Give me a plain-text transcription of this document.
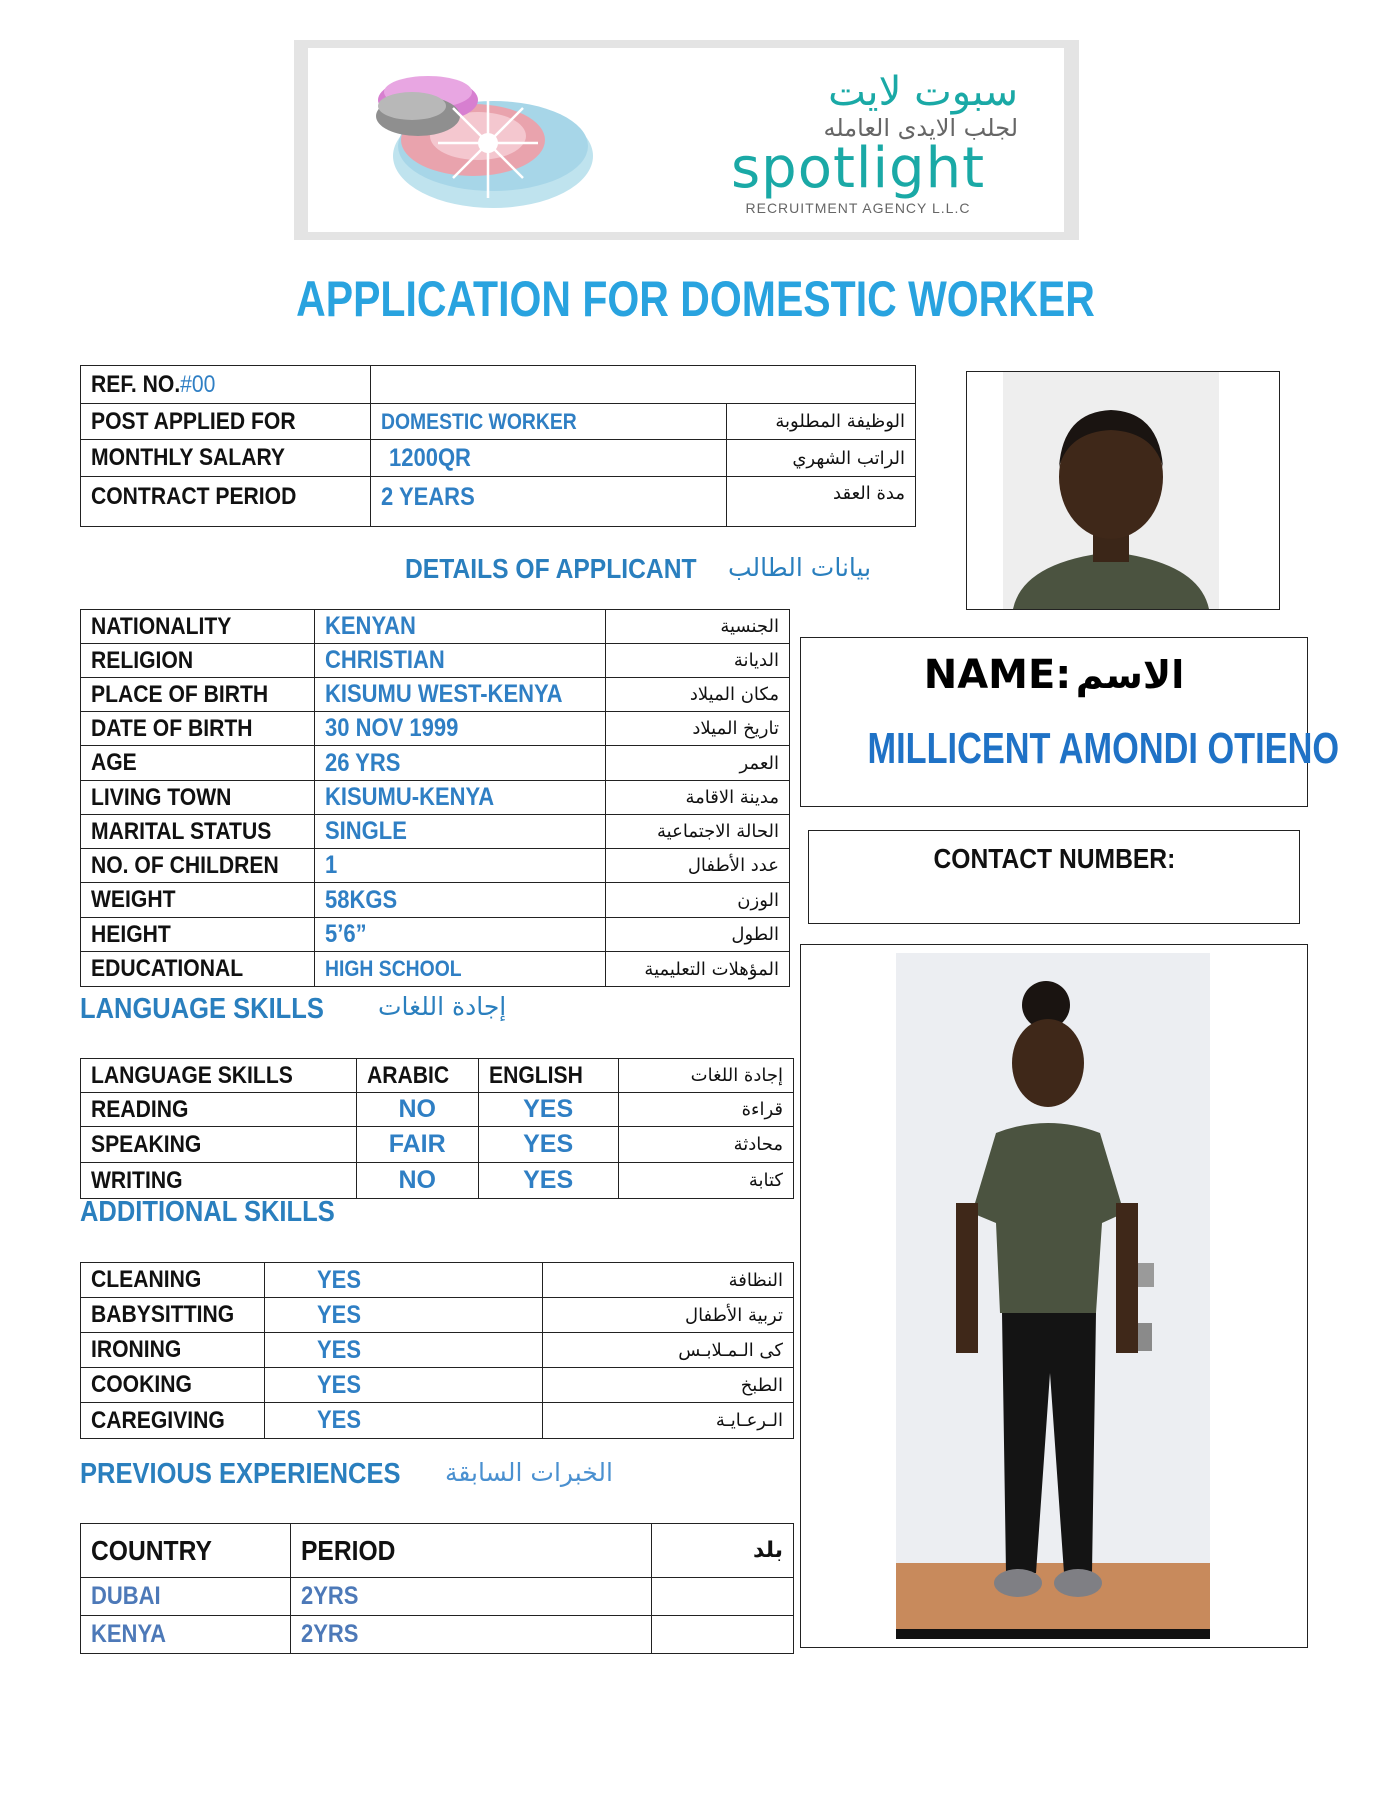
سبوت لايت
لجلب الايدى العامله
spotlight
RECRUITMENT AGENCY L.L.C
APPLICATION FOR DOMESTIC WORKER
REF. NO.#00		
POST APPLIED FOR	DOMESTIC WORKER	الوظيفة المطلوبة
MONTHLY SALARY	1200QR	الراتب الشهري
CONTRACT PERIOD	2 YEARS	مدة العقد
DETAILS OF APPLICANT	بيانات الطالب
NATIONALITY	KENYAN	الجنسية
RELIGION	CHRISTIAN	الديانة
PLACE OF BIRTH	KISUMU WEST-KENYA	مكان الميلاد
DATE OF BIRTH	30 NOV 1999	تاريخ الميلاد
AGE	26 YRS	العمر
LIVING TOWN	KISUMU-KENYA	مدينة الاقامة
MARITAL STATUS	SINGLE	الحالة الاجتماعية
NO. OF CHILDREN	1	عدد الأطفال
WEIGHT	58KGS	الوزن
HEIGHT	5’6”	الطول
EDUCATIONAL	HIGH SCHOOL	المؤهلات التعليمية
NAME: الاسم
MILLICENT AMONDI OTIENO
CONTACT NUMBER:
LANGUAGE SKILLS	إجادة اللغات
LANGUAGE SKILLS	ARABIC	ENGLISH	إجادة اللغات
READING	NO	YES	قراءة
SPEAKING	FAIR	YES	محادثة
WRITING	NO	YES	كتابة
ADDITIONAL SKILLS
CLEANING	YES	النظافة
BABYSITTING	YES	تربية الأطفال
IRONING	YES	كى الـمـلابـس
COOKING	YES	الطبخ
CAREGIVING	YES	الـرعـايـة
PREVIOUS EXPERIENCES	الخبرات السابقة
COUNTRY	PERIOD	بلد
DUBAI	2YRS	
KENYA	2YRS	
